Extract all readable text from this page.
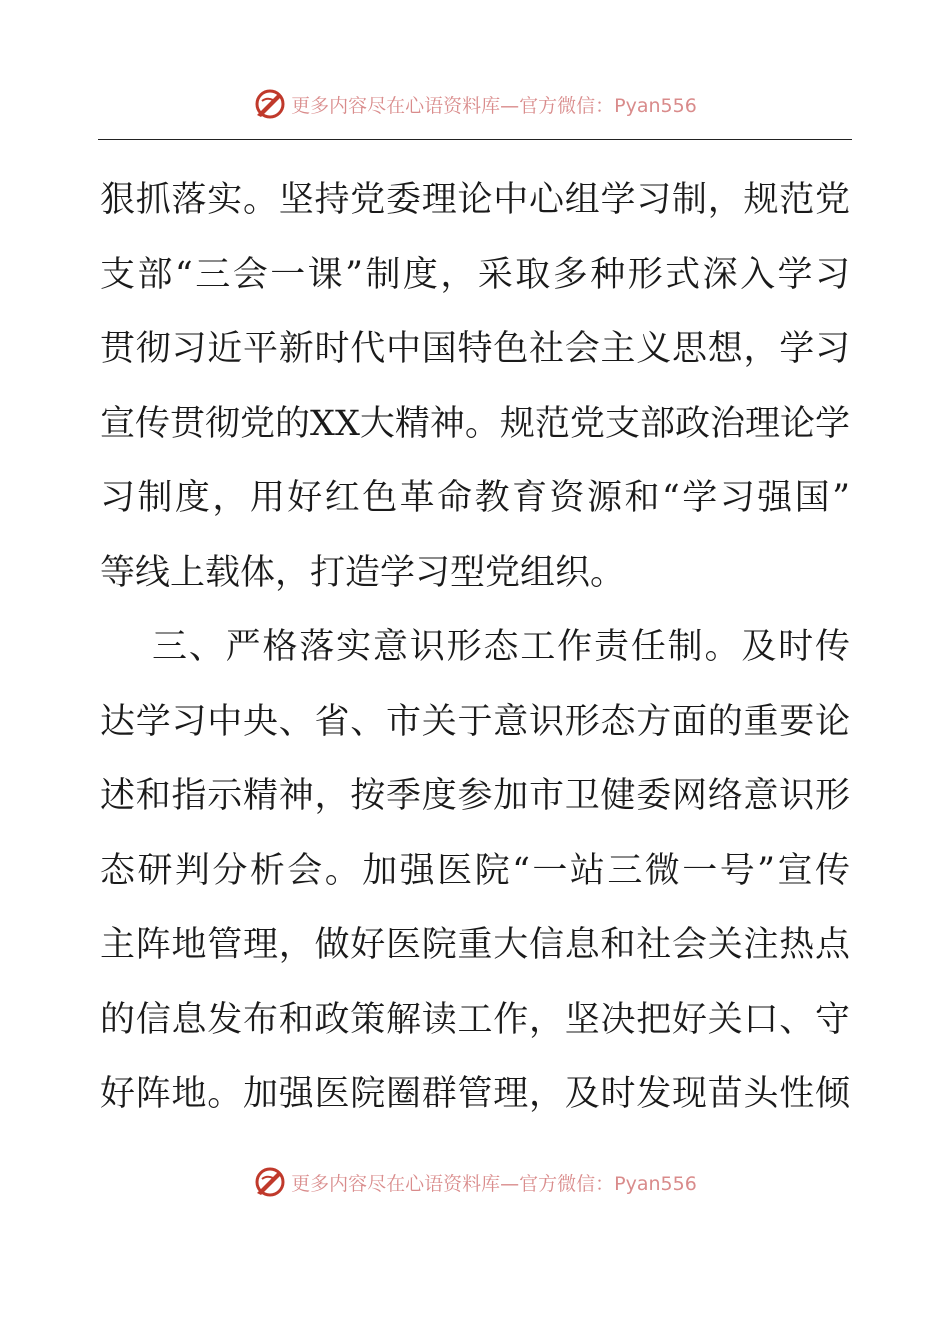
更多内容尽在心语资料库 —官方微信：Pyan556
狠抓落实。坚持党委理论中心组学习制，规范党
支部“三会一课”制度，采取多种形式深入学习
贯彻习近平新时代中国特色社会主义思想，学习
宣传贯彻党的XX大精神。规范党支部政治理论学
习制度，用好红色革命教育资源和“学习强国”
等线上载体，打造学习型党组织。
三、严格落实意识形态工作责任制。及时传
达学习中央、省、市关于意识形态方面的重要论
述和指示精神，按季度参加市卫健委网络意识形
态研判分析会。加强医院“一站三微一号”宣传
主阵地管理，做好医院重大信息和社会关注热点
的信息发布和政策解读工作，坚决把好关口、守
好阵地。加强医院圈群管理，及时发现苗头性倾
更多内容尽在心语资料库 —官方微信：Pyan556
